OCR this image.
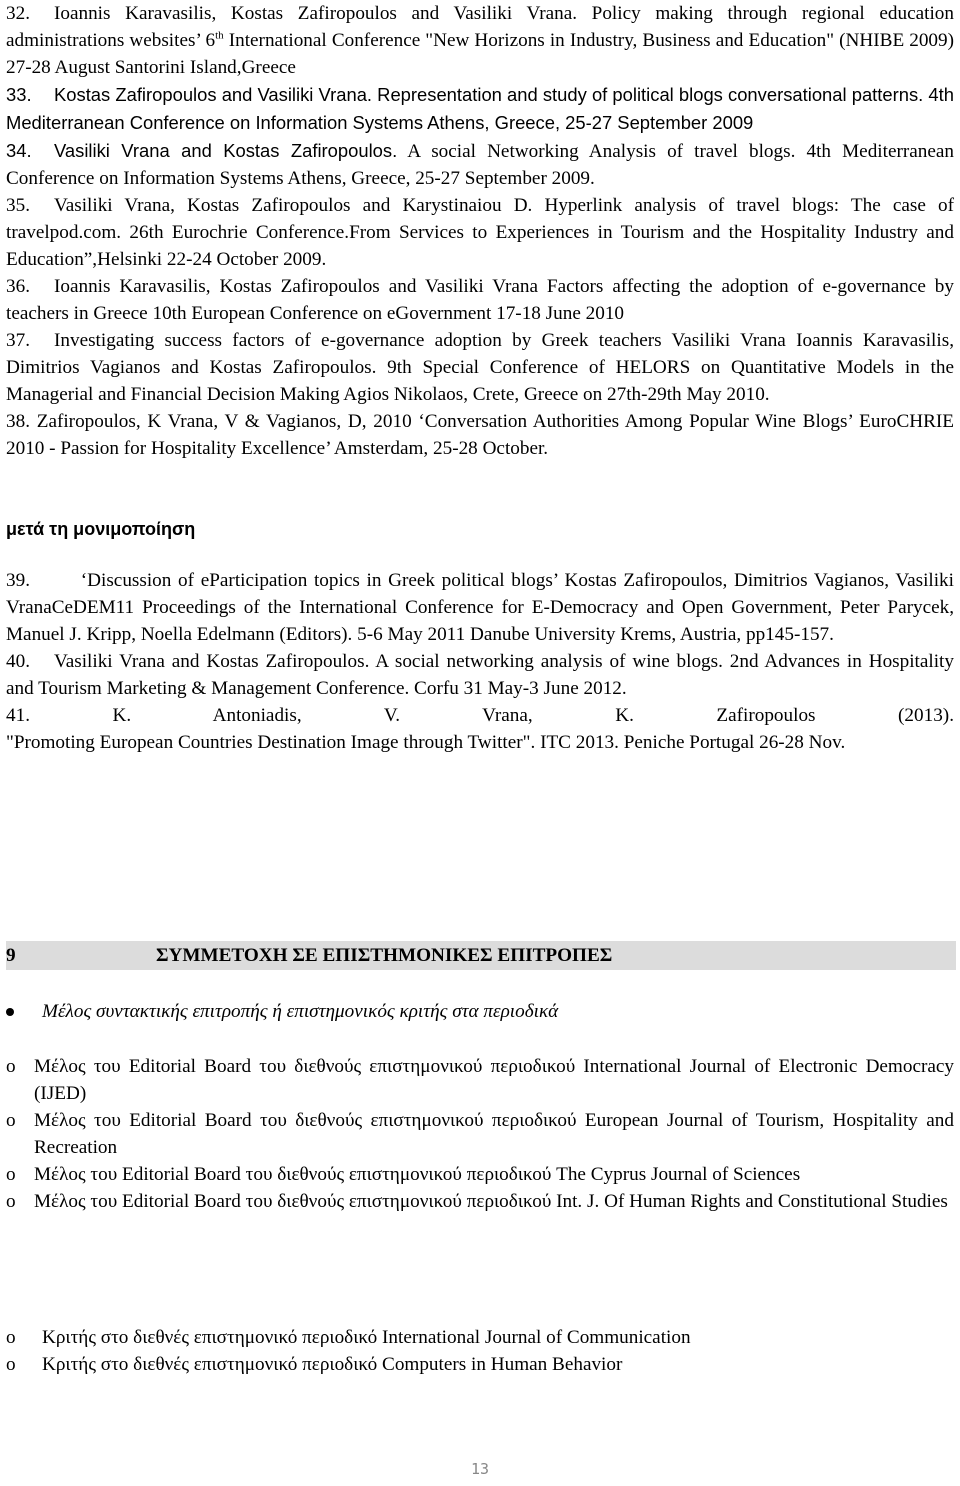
32. Ioannis Karavasilis, Kostas Zafiropoulos and Vasiliki Vrana. Policy making through regional education administrations websites’ 6th International Conference "New Horizons in Industry, Business and Education" (NHIBE 2009) 27-28 August Santorini Island,Greece

33. Kostas Zafiropoulos and Vasiliki Vrana. Representation and study of political blogs conversational patterns. 4th Mediterranean Conference on Information Systems Athens, Greece, 25-27 September 2009

34. Vasiliki Vrana and Kostas Zafiropoulos. A social Networking Analysis of travel blogs. 4th Mediterranean Conference on Information Systems Athens, Greece, 25-27 September 2009.

35. Vasiliki Vrana, Kostas Zafiropoulos and Karystinaiou D. Hyperlink analysis of travel blogs: The case of travelpod.com. 26th Eurochrie Conference.From Services to Experiences in Tourism and the Hospitality Industry and Education”,Helsinki 22-24 October 2009.

36. Ioannis Karavasilis, Kostas Zafiropoulos and Vasiliki Vrana Factors affecting the adoption of e-governance by teachers in Greece 10th European Conference on eGovernment 17-18 June 2010

37. Investigating success factors of e-governance adoption by Greek teachers Vasiliki Vrana Ioannis Karavasilis, Dimitrios Vagianos and Kostas Zafiropoulos. 9th Special Conference of HELORS on Quantitative Models in the Managerial and Financial Decision Making Agios Nikolaos, Crete, Greece on 27th-29th May 2010.

38. Zafiropoulos, K Vrana, V & Vagianos, D, 2010 ‘Conversation Authorities Among Popular Wine Blogs’ EuroCHRIE 2010 - Passion for Hospitality Excellence’ Amsterdam, 25-28 October.

μετά τη μονιμοποίηση

39.    ‘Discussion of eParticipation topics in Greek political blogs’ Kostas Zafiropoulos, Dimitrios Vagianos, Vasiliki VranaCeDEM11 Proceedings of the International Conference for E-Democracy and Open Government, Peter Parycek, Manuel J. Kripp, Noella Edelmann (Editors). 5-6 May 2011 Danube University Krems, Austria, pp145-157.

40. Vasiliki Vrana and Kostas Zafiropoulos. A social networking analysis of wine blogs. 2nd Advances in Hospitality and Tourism Marketing & Management Conference. Corfu 31 May-3 June 2012.

41. K. Antoniadis, V. Vrana, K. Zafiropoulos (2013).

"Promoting European Countries Destination Image through Twitter". ITC 2013. Peniche Portugal 26-28 Nov.

9	ΣΥΜΜΕΤΟΧΗ ΣΕ ΕΠΙΣΤΗΜΟΝΙΚΕΣ ΕΠΙΤΡΟΠΕΣ
Μέλος συντακτικής επιτροπής ή επιστημονικός κριτής στα περιοδικά
o Μέλος του Editorial Board του διεθνούς επιστημονικού περιοδικού International Journal of Electronic Democracy (IJED)
o Μέλος του Editorial Board του διεθνούς επιστημονικού περιοδικού European Journal of Tourism, Hospitality and Recreation
o Μέλος του Editorial Board του διεθνούς επιστημονικού περιοδικού The Cyprus Journal of Sciences
o Μέλος του Editorial Board του διεθνούς επιστημονικού περιοδικού Int. J. Of Human Rights and Constitutional Studies
o Κριτής στο διεθνές επιστημονικό περιοδικό International Journal of Communication
o Κριτής στο διεθνές επιστημονικό περιοδικό Computers in Human Behavior
13
